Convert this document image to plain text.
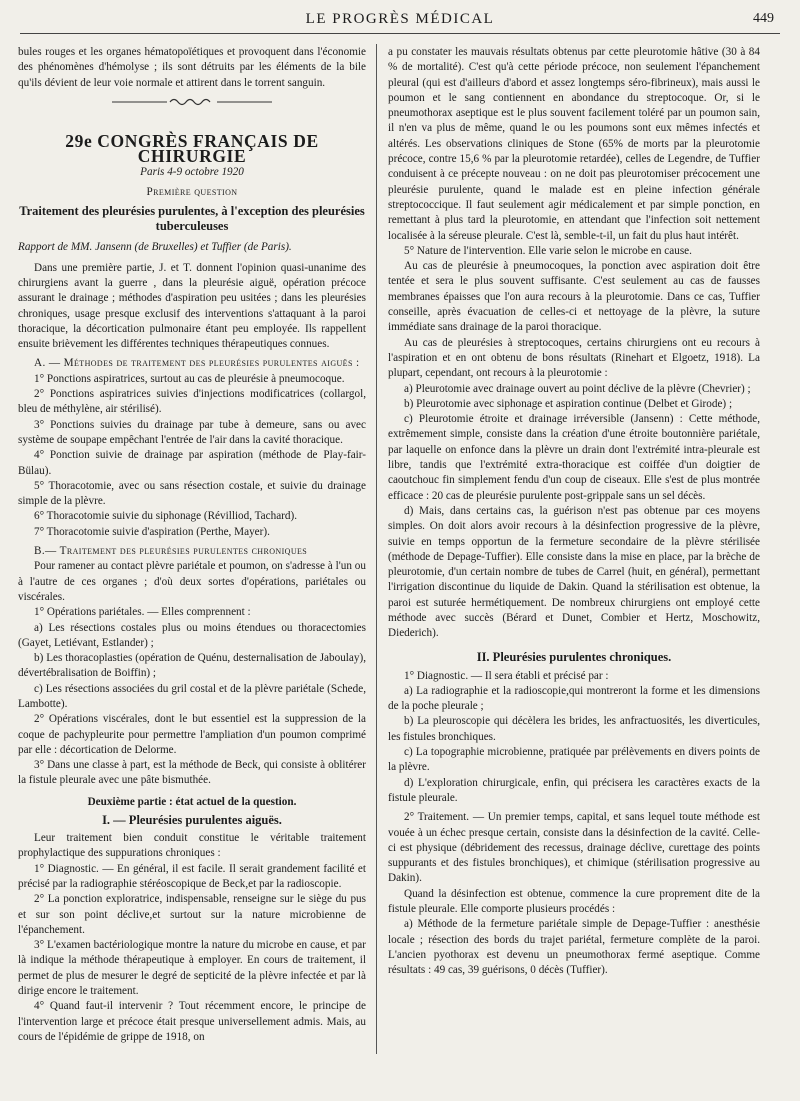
LE PROGRÈS MÉDICAL	449

bules rouges et les organes hématopoïétiques et provoquent dans l'économie des phénomènes d'hémolyse ; ils sont détruits par les éléments de la bile qu'ils dévient de leur voie normale et attirent dans le torrent sanguin.

29e CONGRÈS FRANÇAIS DE CHIRURGIE

Paris 4-9 octobre 1920

Première question

Traitement des pleurésies purulentes, à l'exception des pleurésies tuberculeuses

Rapport de MM. Jansenn (de Bruxelles) et Tuffier (de Paris).

Dans une première partie, J. et T. donnent l'opinion quasi-unanime des chirurgiens avant la guerre , dans la pleurésie aiguë, opération précoce assurant le drainage ; méthodes d'aspiration peu usitées ; dans les pleurésies chroniques, usage presque exclusif des interventions s'attaquant à la paroi thoracique, la décortication pulmonaire étant peu employée. Ils rappellent ensuite brièvement les différentes techniques thérapeutiques connues.

A. — Méthodes de traitement des pleurésies purulentes aiguës :

1° Ponctions aspiratrices, surtout au cas de pleurésie à pneumocoque.

2° Ponctions aspiratrices suivies d'injections modificatrices (collargol, bleu de méthylène, air stérilisé).

3° Ponctions suivies du drainage par tube à demeure, sans ou avec système de soupape empêchant l'entrée de l'air dans la cavité thoracique.

4° Ponction suivie de drainage par aspiration (méthode de Play-fair-Bülau).

5° Thoracotomie, avec ou sans résection costale, et suivie du drainage simple de la plèvre.

6° Thoracotomie suivie du siphonage (Révilliod, Tachard).

7° Thoracotomie suivie d'aspiration (Perthe, Mayer).

B.— Traitement des pleurésies purulentes chroniques

Pour ramener au contact plèvre pariétale et poumon, on s'adresse à l'un ou à l'autre de ces organes ; d'où deux sortes d'opérations, pariétales ou viscérales.

1° Opérations pariétales. — Elles comprennent :

a) Les résections costales plus ou moins étendues ou thoracectomies (Gayet, Letiévant, Estlander) ;

b) Les thoracoplasties (opération de Quénu, desternalisation de Jaboulay), dévertébralisation de Boiffin) ;

c) Les résections associées du gril costal et de la plèvre pariétale (Schede, Lambotte).

2° Opérations viscérales, dont le but essentiel est la suppression de la coque de pachypleurite pour permettre l'ampliation d'un poumon comprimé par elle : décortication de Delorme.

3° Dans une classe à part, est la méthode de Beck, qui consiste à oblitérer la fistule pleurale avec une pâte bismuthée.

Deuxième partie : état actuel de la question.

I. — Pleurésies purulentes aiguës.

Leur traitement bien conduit constitue le véritable traitement prophylactique des suppurations chroniques :

1° Diagnostic. — En général, il est facile. Il serait grandement facilité et précisé par la radiographie stéréoscopique de Beck,et par la radioscopie.

2° La ponction exploratrice, indispensable, renseigne sur le siège du pus et sur son point déclive,et surtout sur la nature microbienne de l'épanchement.

3° L'examen bactériologique montre la nature du microbe en cause, et par là indique la méthode thérapeutique à employer. En cours de traitement, il permet de plus de mesurer le degré de septicité de la plèvre infectée et par là dirige encore le traitement.

4° Quand faut-il intervenir ? Tout récemment encore, le principe de l'intervention large et précoce était presque universellement admis. Mais, au cours de l'épidémie de grippe de 1918, on

a pu constater les mauvais résultats obtenus par cette pleurotomie hâtive (30 à 84 % de mortalité). C'est qu'à cette période précoce, non seulement l'épanchement pleural (qui est d'ailleurs d'abord et assez longtemps séro-fibrineux), mais aussi le poumon et le sang contiennent en abondance du streptocoque. Or, si le pneumothorax aseptique est le plus souvent facilement toléré par un poumon sain, il n'en va plus de même, quand le ou les poumons sont eux mêmes infectés et altérés. Les observations cliniques de Stone (65% de morts par la pleurotomie précoce, contre 15,6 % par la pleurotomie retardée), celles de Legendre, de Tuffier conduisent à ce précepte nouveau : on ne doit pas pleurotomiser précocement une pleurésie purulente, quand le malade est en pleine infection générale streptococcique. Il faut seulement agir médicalement et par simple ponction, en remettant à plus tard la pleurotomie, en attendant que l'infection soit nettement localisée à la séreuse pleurale. C'est là, semble-t-il, un fait du plus haut intérêt.

5° Nature de l'intervention. Elle varie selon le microbe en cause.

Au cas de pleurésie à pneumocoques, la ponction avec aspiration doit être tentée et sera le plus souvent suffisante. C'est seulement au cas de fausses membranes épaisses que l'on aura recours à la pleurotomie. Dans ce cas, Tuffier conseille, après évacuation de celles-ci et nettoyage de la plèvre, la suture immédiate sans drainage de la paroi thoracique.

Au cas de pleurésies à streptocoques, certains chirurgiens ont eu recours à l'aspiration et en ont obtenu de bons résultats (Rinehart et Elgoetz, 1918). La plupart, cependant, ont recours à la pleurotomie :

a) Pleurotomie avec drainage ouvert au point déclive de la plèvre (Chevrier) ;

b) Pleurotomie avec siphonage et aspiration continue (Delbet et Girode) ;

c) Pleurotomie étroite et drainage irréversible (Jansenn) : Cette méthode, extrêmement simple, consiste dans la création d'une étroite boutonnière pariétale, par laquelle on enfonce dans la plèvre un drain dont l'extrémité intra-pleurale est libre, tandis que l'extrémité extra-thoracique est coiffée d'un doigtier de caoutchouc fin simplement fendu d'un coup de ciseaux. Elle s'est de plus montrée efficace : 20 cas de pleurésie purulente post-grippale sans un sel décès.

d) Mais, dans certains cas, la guérison n'est pas obtenue par ces moyens simples. On doit alors avoir recours à la désinfection progressive de la plèvre, suivie en temps opportun de la fermeture secondaire de la plèvre stérilisée (méthode de Depage-Tuffier). Elle consiste dans la mise en place, par la brèche de pleurotomie, d'un certain nombre de tubes de Carrel (huit, en général), permettant l'irrigation discontinue du liquide de Dakin. Quand la stérilisation est obtenue, la paroi est suturée hermétiquement. De nombreux chirurgiens ont employé cette méthode avec succès (Bérard et Dunet, Combier et Hertz, Moschowitz, Diederich).

II. Pleurésies purulentes chroniques.

1° Diagnostic. — Il sera établi et précisé par :

a) La radiographie et la radioscopie,qui montreront la forme et les dimensions de la poche pleurale ;

b) La pleuroscopie qui décèlera les brides, les anfractuosités, les diverticules, les fistules bronchiques.

c) La topographie microbienne, pratiquée par prélèvements en divers points de la plèvre.

d) L'exploration chirurgicale, enfin, qui précisera les caractères exacts de la fistule pleurale.

2° Traitement. — Un premier temps, capital, et sans lequel toute méthode est vouée à un échec presque certain, consiste dans la désinfection de la cavité. Celle-ci est physique (débridement des recessus, drainage déclive, curettage des points suppurants et des fistules bronchiques), et chimique (stérilisation progressive au Dakin).

Quand la désinfection est obtenue, commence la cure proprement dite de la fistule pleurale. Elle comporte plusieurs procédés :

a) Méthode de la fermeture pariétale simple de Depage-Tuffier : anesthésie locale ; résection des bords du trajet pariétal, fermeture complète de la paroi. L'ancien pyothorax est devenu un pneumothorax fermé aseptique. Comme résultats : 49 cas, 39 guérisons, 0 décès (Tuffier).
